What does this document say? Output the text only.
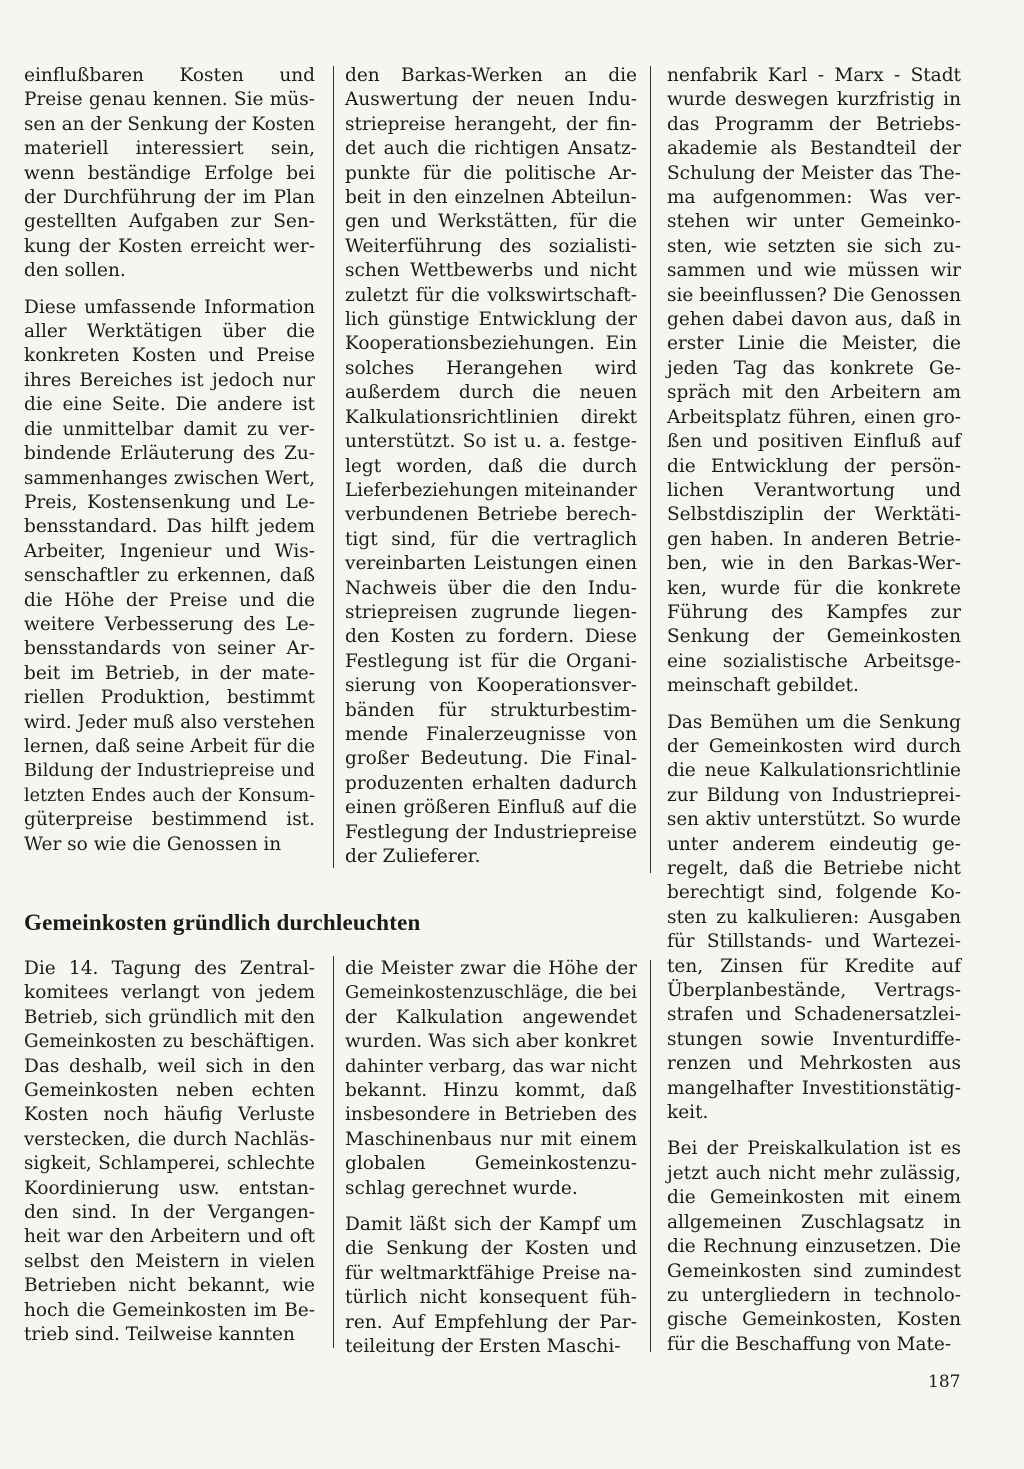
einflußbaren Kosten und
Preise genau kennen. Sie müs-
sen an der Senkung der Kosten
materiell interessiert sein,
wenn beständige Erfolge bei
der Durchführung der im Plan
gestellten Aufgaben zur Sen-
kung der Kosten erreicht wer-
den sollen.

Diese umfassende Information
aller Werktätigen über die
konkreten Kosten und Preise
ihres Bereiches ist jedoch nur
die eine Seite. Die andere ist
die unmittelbar damit zu ver-
bindende Erläuterung des Zu-
sammenhanges zwischen Wert,
Preis, Kostensenkung und Le-
bensstandard. Das hilft jedem
Arbeiter, Ingenieur und Wis-
senschaftler zu erkennen, daß
die Höhe der Preise und die
weitere Verbesserung des Le-
bensstandards von seiner Ar-
beit im Betrieb, in der mate-
riellen Produktion, bestimmt
wird. Jeder muß also verstehen
lernen, daß seine Arbeit für die
Bildung der Industriepreise und
letzten Endes auch der Konsum-
güterpreise bestimmend ist.
Wer so wie die Genossen in

den Barkas-Werken an die
Auswertung der neuen Indu-
striepreise herangeht, der fin-
det auch die richtigen Ansatz-
punkte für die politische Ar-
beit in den einzelnen Abteilun-
gen und Werkstätten, für die
Weiterführung des sozialisti-
schen Wettbewerbs und nicht
zuletzt für die volkswirtschaft-
lich günstige Entwicklung der
Kooperationsbeziehungen. Ein
solches Herangehen wird
außerdem durch die neuen
Kalkulationsrichtlinien direkt
unterstützt. So ist u. a. festge-
legt worden, daß die durch
Lieferbeziehungen miteinander
verbundenen Betriebe berech-
tigt sind, für die vertraglich
vereinbarten Leistungen einen
Nachweis über die den Indu-
striepreisen zugrunde liegen-
den Kosten zu fordern. Diese
Festlegung ist für die Organi-
sierung von Kooperationsver-
bänden für strukturbestim-
mende Finalerzeugnisse von
großer Bedeutung. Die Final-
produzenten erhalten dadurch
einen größeren Einfluß auf die
Festlegung der Industriepreise
der Zulieferer.

nenfabrik Karl - Marx - Stadt
wurde deswegen kurzfristig in
das Programm der Betriebs-
akademie als Bestandteil der
Schulung der Meister das The-
ma aufgenommen: Was ver-
stehen wir unter Gemeinko-
sten, wie setzten sie sich zu-
sammen und wie müssen wir
sie beeinflussen? Die Genossen
gehen dabei davon aus, daß in
erster Linie die Meister, die
jeden Tag das konkrete Ge-
spräch mit den Arbeitern am
Arbeitsplatz führen, einen gro-
ßen und positiven Einfluß auf
die Entwicklung der persön-
lichen Verantwortung und
Selbstdisziplin der Werktäti-
gen haben. In anderen Betrie-
ben, wie in den Barkas-Wer-
ken, wurde für die konkrete
Führung des Kampfes zur
Senkung der Gemeinkosten
eine sozialistische Arbeitsge-
meinschaft gebildet.

Das Bemühen um die Senkung
der Gemeinkosten wird durch
die neue Kalkulationsrichtlinie
zur Bildung von Industrieprei-
sen aktiv unterstützt. So wurde
unter anderem eindeutig ge-
regelt, daß die Betriebe nicht
berechtigt sind, folgende Ko-
sten zu kalkulieren: Ausgaben
für Stillstands- und Wartezei-
ten, Zinsen für Kredite auf
Überplanbestände, Vertrags-
strafen und Schadenersatzlei-
stungen sowie Inventurdiffe-
renzen und Mehrkosten aus
mangelhafter Investitionstätig-
keit.

Bei der Preiskalkulation ist es
jetzt auch nicht mehr zulässig,
die Gemeinkosten mit einem
allgemeinen Zuschlagsatz in
die Rechnung einzusetzen. Die
Gemeinkosten sind zumindest
zu untergliedern in technolo-
gische Gemeinkosten, Kosten
für die Beschaffung von Mate-

Gemeinkosten gründlich durchleuchten

Die 14. Tagung des Zentral-
komitees verlangt von jedem
Betrieb, sich gründlich mit den
Gemeinkosten zu beschäftigen.
Das deshalb, weil sich in den
Gemeinkosten neben echten
Kosten noch häufig Verluste
verstecken, die durch Nachläs-
sigkeit, Schlamperei, schlechte
Koordinierung usw. entstan-
den sind. In der Vergangen-
heit war den Arbeitern und oft
selbst den Meistern in vielen
Betrieben nicht bekannt, wie
hoch die Gemeinkosten im Be-
trieb sind. Teilweise kannten

die Meister zwar die Höhe der
Gemeinkostenzuschläge, die bei
der Kalkulation angewendet
wurden. Was sich aber konkret
dahinter verbarg, das war nicht
bekannt. Hinzu kommt, daß
insbesondere in Betrieben des
Maschinenbaus nur mit einem
globalen Gemeinkostenzu-
schlag gerechnet wurde.

Damit läßt sich der Kampf um
die Senkung der Kosten und
für weltmarktfähige Preise na-
türlich nicht konsequent füh-
ren. Auf Empfehlung der Par-
teileitung der Ersten Maschi-

187
